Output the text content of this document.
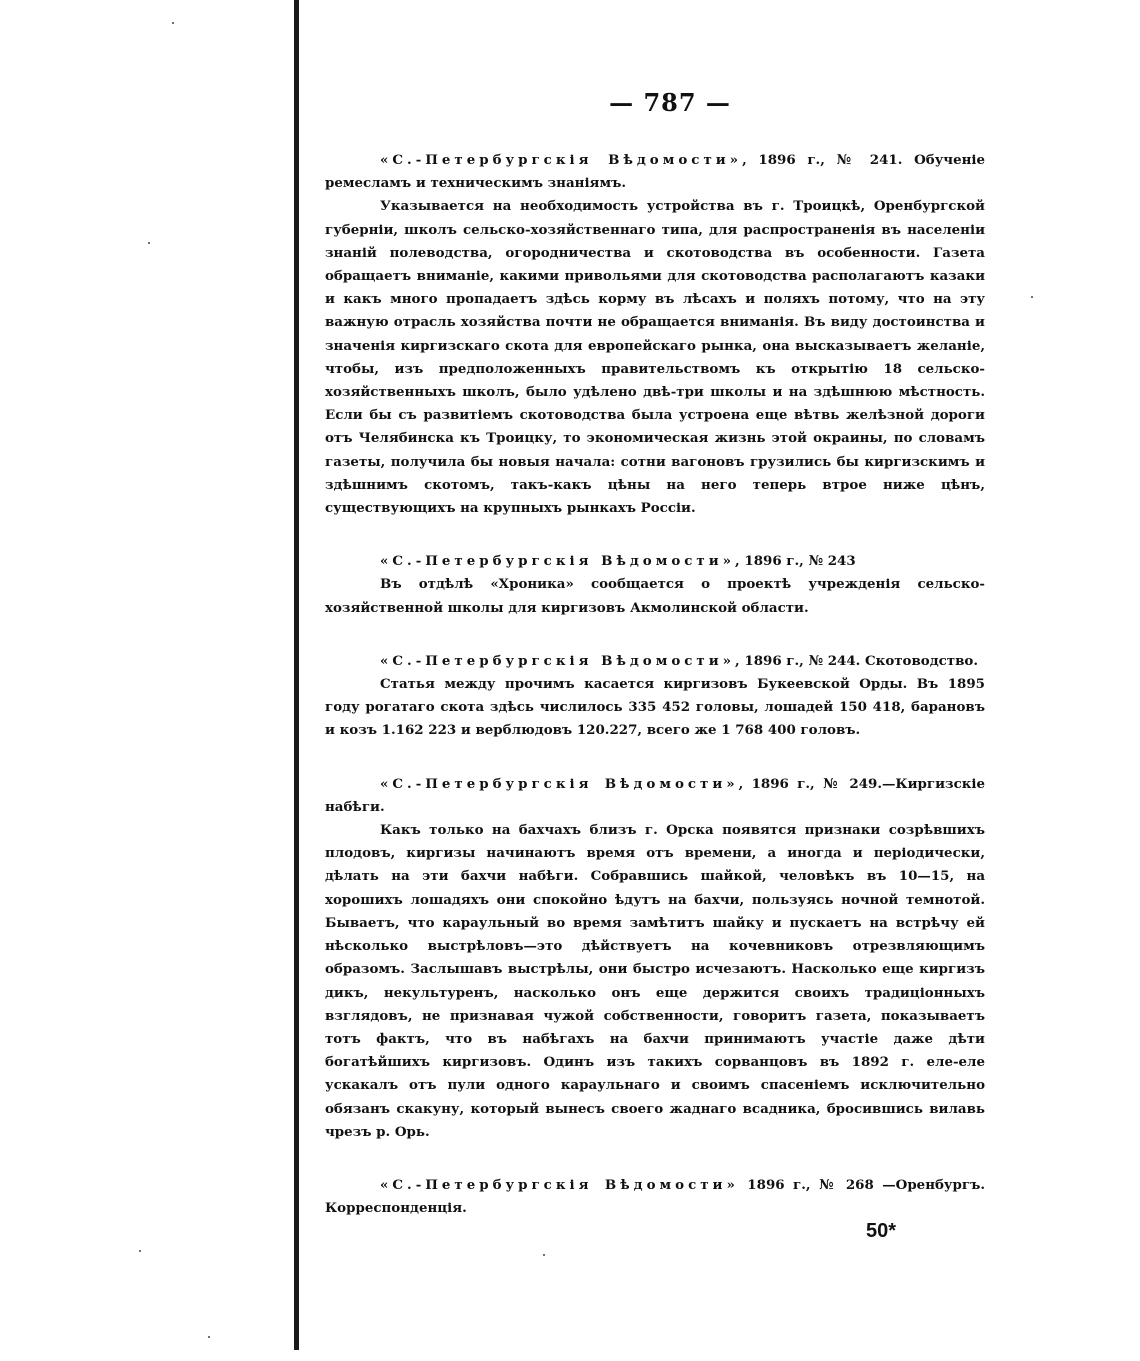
— 787 —

«С.-Петербургскія Вѣдомости», 1896 г., № 241. Обученіе ремесламъ и техническимъ знаніямъ.

Указывается на необходимость устройства въ г. Троицкѣ, Оренбургской губерніи, школъ сельско-хозяйственнаго типа, для распространенія въ населеніи знаній полеводства, огородничества и скотоводства въ особенности. Газета обращаетъ вниманіе, какими привольями для скотоводства располагаютъ казаки и какъ много пропадаетъ здѣсь корму въ лѣсахъ и поляхъ потому, что на эту важную отрасль хозяйства почти не обращается вниманія. Въ виду достоинства и значенія киргизскаго скота для европейскаго рынка, она высказываетъ желаніе, чтобы, изъ предположенныхъ правительствомъ къ открытію 18 сельско-хозяйственныхъ школъ, было удѣлено двѣ-три школы и на здѣшнюю мѣстность. Если бы съ развитіемъ скотоводства была устроена еще вѣтвь желѣзной дороги отъ Челябинска къ Троицку, то экономическая жизнь этой окраины, по словамъ газеты, получила бы новыя начала: сотни вагоновъ грузились бы киргизскимъ и здѣшнимъ скотомъ, такъ-какъ цѣны на него теперь втрое ниже цѣнъ, существующихъ на крупныхъ рынкахъ Россіи.

«С.-Петербургскія Вѣдомости», 1896 г., № 243

Въ отдѣлѣ «Хроника» сообщается о проектѣ учрежденія сельско-хозяйственной школы для киргизовъ Акмолинской области.

«С.-Петербургскія Вѣдомости», 1896 г., № 244. Скотоводство.

Статья между прочимъ касается киргизовъ Букеевской Орды. Въ 1895 году рогатаго скота здѣсь числилось 335 452 головы, лошадей 150 418, барановъ и козъ 1.162 223 и верблюдовъ 120.227, всего же 1 768 400 головъ.

«С.-Петербургскія Вѣдомости», 1896 г., № 249.—Киргизскіе набѣги.

Какъ только на бахчахъ близъ г. Орска появятся признаки созрѣвшихъ плодовъ, киргизы начинаютъ время отъ времени, а иногда и періодически, дѣлать на эти бахчи набѣги. Собравшись шайкой, человѣкъ въ 10—15, на хорошихъ лошадяхъ они спокойно ѣдутъ на бахчи, пользуясь ночной темнотой. Бываетъ, что караульный во время замѣтитъ шайку и пускаетъ на встрѣчу ей нѣсколько выстрѣловъ—это дѣйствуетъ на кочевниковъ отрезвляющимъ образомъ. Заслышавъ выстрѣлы, они быстро исчезаютъ. Насколько еще киргизъ дикъ, некультуренъ, насколько онъ еще держится своихъ традиціонныхъ взглядовъ, не признавая чужой собственности, говоритъ газета, показываетъ тотъ фактъ, что въ набѣгахъ на бахчи принимаютъ участіе даже дѣти богатѣйшихъ киргизовъ. Одинъ изъ такихъ сорванцовъ въ 1892 г. еле-еле ускакалъ отъ пули одного караульнаго и своимъ спасеніемъ исключительно обязанъ скакуну, который вынесъ своего жаднаго всадника, бросившись вилавь чрезъ р. Орь.

«С.-Петербургскія Вѣдомости» 1896 г., № 268 —Оренбургъ. Корреспонденція.

50*
